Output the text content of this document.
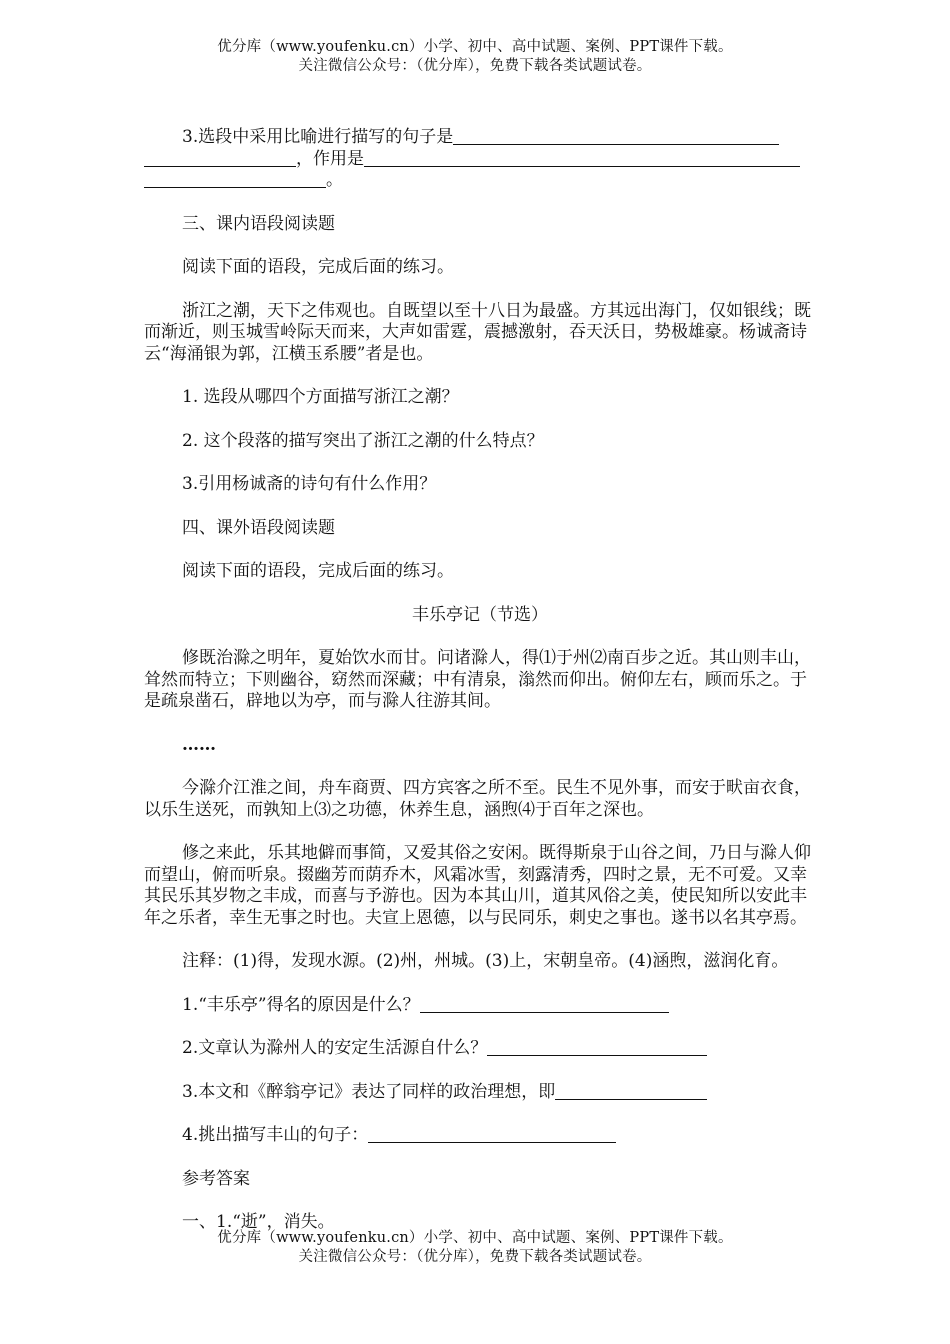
优分库（www.youfenku.cn）小学、初中、高中试题、案例、PPT课件下载。
关注微信公众号：（优分库），免费下载各类试题试卷。

3.选段中采用比喻进行描写的句子是，作用是。

三、课内语段阅读题

阅读下面的语段，完成后面的练习。

浙江之潮，天下之伟观也。自既望以至十八日为最盛。方其远出海门，仅如银线；既而渐近，则玉城雪岭际天而来，大声如雷霆，震撼激射，吞天沃日，势极雄豪。杨诚斋诗云“海涌银为郭，江横玉系腰”者是也。

1. 选段从哪四个方面描写浙江之潮？

2. 这个段落的描写突出了浙江之潮的什么特点？

3.引用杨诚斋的诗句有什么作用？

四、课外语段阅读题

阅读下面的语段，完成后面的练习。

丰乐亭记（节选）

修既治滁之明年，夏始饮水而甘。问诸滁人，得⑴于州⑵南百步之近。其山则丰山，耸然而特立；下则幽谷，窈然而深藏；中有清泉，滃然而仰出。俯仰左右，顾而乐之。于是疏泉凿石，辟地以为亭，而与滁人往游其间。

……

今滁介江淮之间，舟车商贾、四方宾客之所不至。民生不见外事，而安于畎亩衣食，以乐生送死，而孰知上⑶之功德，休养生息，涵煦⑷于百年之深也。

修之来此，乐其地僻而事简，又爱其俗之安闲。既得斯泉于山谷之间，乃日与滁人仰而望山，俯而听泉。掇幽芳而荫乔木，风霜冰雪，刻露清秀，四时之景，无不可爱。又幸其民乐其岁物之丰成，而喜与予游也。因为本其山川，道其风俗之美，使民知所以安此丰年之乐者，幸生无事之时也。夫宣上恩德，以与民同乐，刺史之事也。遂书以名其亭焉。

注释：(1)得，发现水源。(2)州，州城。(3)上，宋朝皇帝。(4)涵煦，滋润化育。

1.“丰乐亭”得名的原因是什么？

2.文章认为滁州人的安定生活源自什么？

3.本文和《醉翁亭记》表达了同样的政治理想，即

4.挑出描写丰山的句子：

参考答案

一、1.“逝”，消失。

优分库（www.youfenku.cn）小学、初中、高中试题、案例、PPT课件下载。
关注微信公众号：（优分库），免费下载各类试题试卷。
